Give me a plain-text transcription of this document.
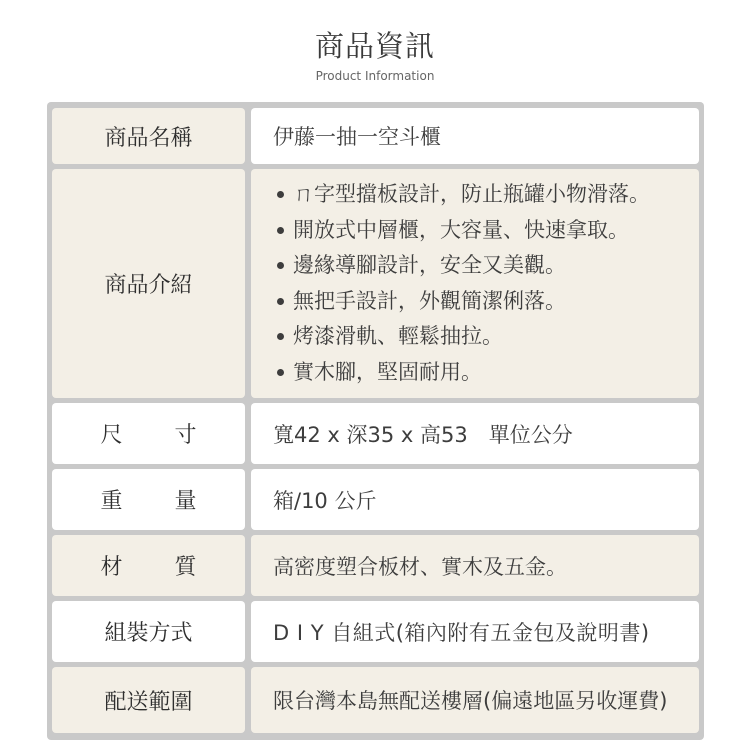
商品資訊
Product Information
商品名稱	伊藤一抽一空斗櫃
商品介紹
ㄇ字型擋板設計，防止瓶罐小物滑落。
開放式中層櫃，大容量、快速拿取。
邊緣導腳設計，安全又美觀。
無把手設計，外觀簡潔俐落。
烤漆滑軌、輕鬆抽拉。
實木腳，堅固耐用。
尺 寸	寬42 x 深35 x 高53　單位公分
重 量	箱/10 公斤
材 質	高密度塑合板材、實木及五金。
組裝方式	D I Y 自組式(箱內附有五金包及說明書)
配送範圍	限台灣本島無配送樓層(偏遠地區另收運費)
